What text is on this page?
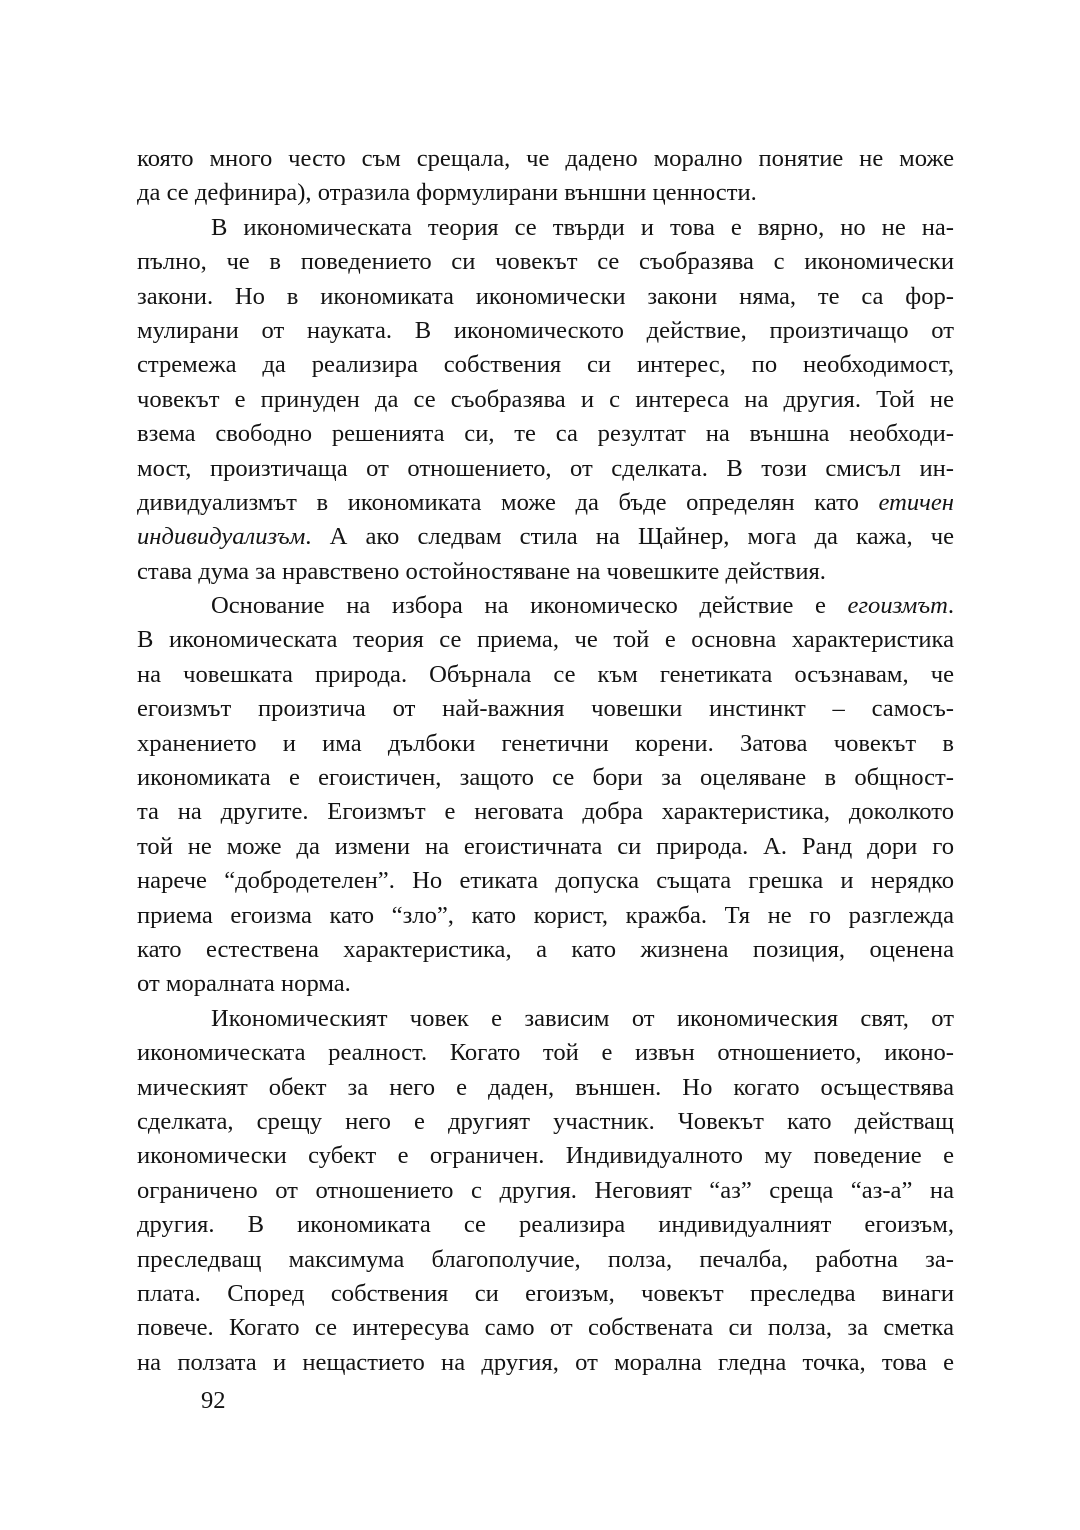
която много често съм срещала, че дадено морално понятие не може
да се дефинира), отразила формулирани външни ценности.
В икономическата теория се твърди и това е вярно, но не на-
пълно, че в поведението си човекът се съобразява с икономически
закони. Но в икономиката икономически закони няма, те са фор-
мулирани от науката. В икономическото действие, произтичащо от
стремежа да реализира собствения си интерес, по необходимост,
човекът е принуден да се съобразява и с интереса на другия. Той не
взема свободно решенията си, те са резултат на външна необходи-
мост, произтичаща от отношението, от сделката. В този смисъл ин-
дивидуализмът в икономиката може да бъде определян като етичен
индивидуализъм. А ако следвам стила на Щайнер, мога да кажа, че
става дума за нравствено остойностяване на човешките действия.
Основание на избора на икономическо действие е егоизмът.
В икономическата теория се приема, че той е основна характеристика
на човешката природа. Обърнала се към генетиката осъзнавам, че
егоизмът произтича от най-важния човешки инстинкт – самосъ-
хранението и има дълбоки генетични корени. Затова човекът в
икономиката е егоистичен, защото се бори за оцеляване в общност-
та на другите. Егоизмът е неговата добра характеристика, доколкото
той не може да измени на егоистичната си природа. А. Ранд дори го
нарече “добродетелен”. Но етиката допуска същата грешка и нерядко
приема егоизма като “зло”, като корист, кражба. Тя не го разглежда
като естествена характеристика, а като жизнена позиция, оценена
от моралната норма.
Икономическият човек е зависим от икономическия свят, от
икономическата реалност. Когато той е извън отношението, иконо-
мическият обект за него е даден, външен. Но когато осъществява
сделката, срещу него е другият участник. Човекът като действащ
икономически субект е ограничен. Индивидуалното му поведение е
ограничено от отношението с другия. Неговият “аз” среща “аз-а” на
другия. В икономиката се реализира индивидуалният егоизъм,
преследващ максимума благополучие, полза, печалба, работна за-
плата. Според собствения си егоизъм, човекът преследва винаги
повече. Когато се интересува само от собствената си полза, за сметка
на ползата и нещастието на другия, от моралнa гледна точка, това е
92
